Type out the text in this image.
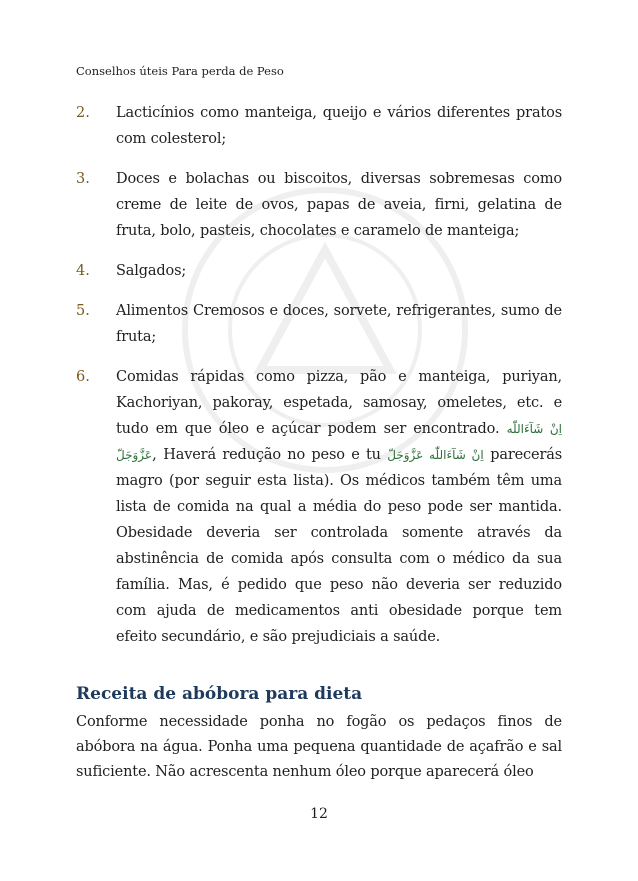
Conselhos úteis Para perda de Peso
2.	Lacticínios como manteiga, queijo e vários diferentes pratos com colesterol;
3.	Doces e bolachas ou biscoitos, diversas sobremesas como creme de leite de ovos, papas de aveia, firni, gelatina de fruta, bolo, pasteis, chocolates e caramelo de manteiga;
4.	Salgados;
5.	Alimentos Cremosos e doces, sorvete, refrigerantes, sumo de fruta;
6.	Comidas rápidas como pizza, pão e manteiga, puriyan, Kachoriyan, pakoray, espetada, samosay, omeletes, etc. e tudo em que óleo e açúcar podem ser encontrado. اِنْ شَآءَاللّٰه عَزَّوَجَلّ, Haverá redução no peso e tu اِنْ شَآءَاللّٰه عَزَّوَجَلّ parecerás magro (por seguir esta lista). Os médicos também têm uma lista de comida na qual a média do peso pode ser mantida. Obesidade deveria ser controlada somente através da abstinência de comida após consulta com o médico da sua família. Mas, é pedido que peso não deveria ser reduzido com ajuda de medicamentos anti obesidade porque tem efeito secundário, e são prejudiciais a saúde.
Receita de abóbora para dieta
Conforme necessidade ponha no fogão os pedaços finos de abóbora na água. Ponha uma pequena quantidade de açafrão e sal suficiente. Não acrescenta nenhum óleo porque aparecerá óleo
12
